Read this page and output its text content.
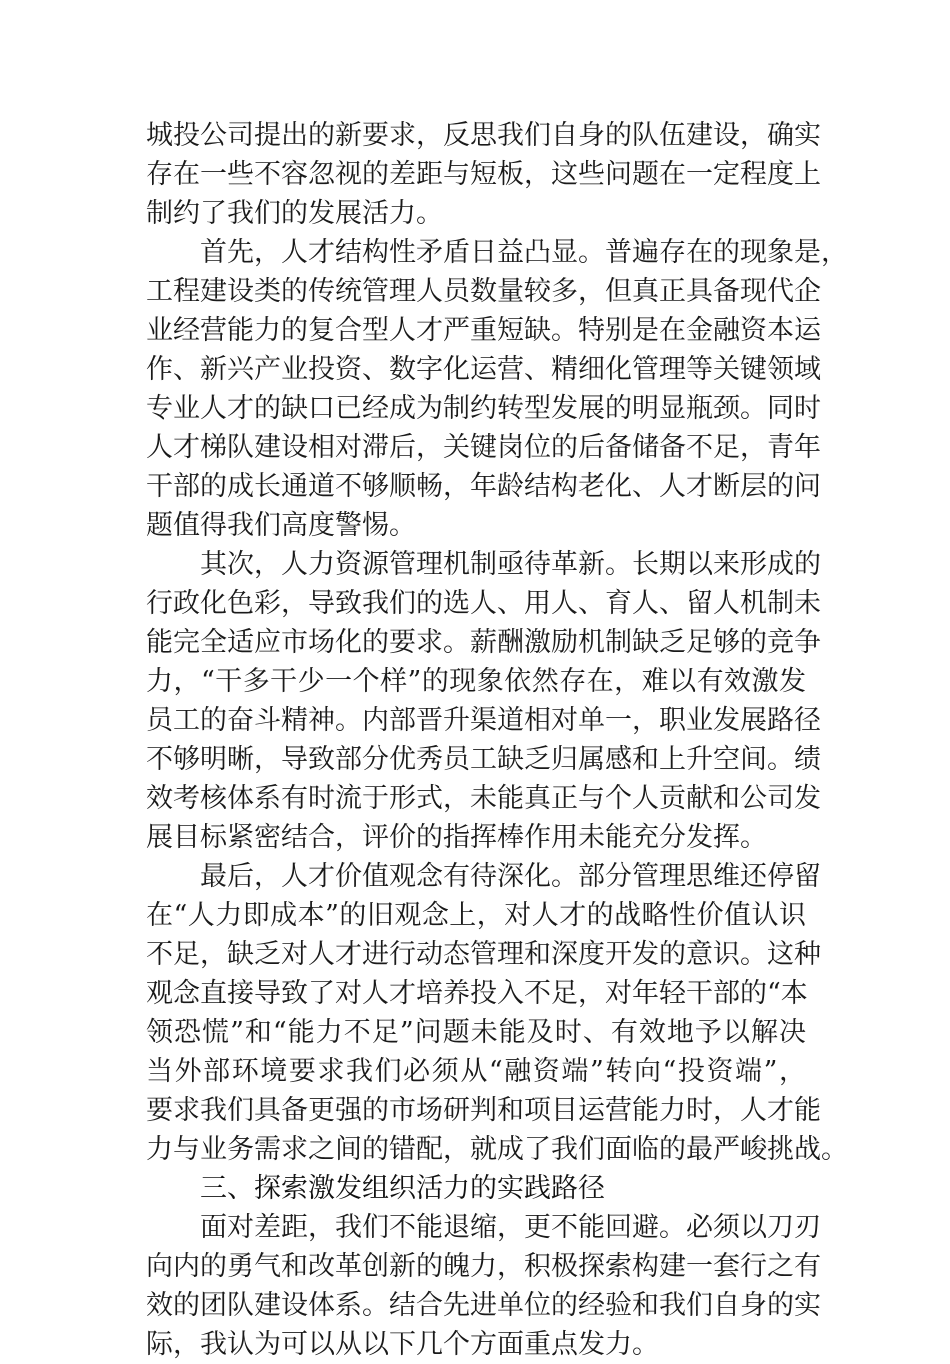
城投公司提出的新要求，反思我们自身的队伍建设，确实
存在一些不容忽视的差距与短板，这些问题在一定程度上
制约了我们的发展活力。
首先，人才结构性矛盾日益凸显。普遍存在的现象是，
工程建设类的传统管理人员数量较多，但真正具备现代企
业经营能力的复合型人才严重短缺。特别是在金融资本运
作、新兴产业投资、数字化运营、精细化管理等关键领域
专业人才的缺口已经成为制约转型发展的明显瓶颈。同时
人才梯队建设相对滞后，关键岗位的后备储备不足，青年
干部的成长通道不够顺畅，年龄结构老化、人才断层的问
题值得我们高度警惕。
其次，人力资源管理机制亟待革新。长期以来形成的
行政化色彩，导致我们的选人、用人、育人、留人机制未
能完全适应市场化的要求。薪酬激励机制缺乏足够的竞争
力，“干多干少一个样”的现象依然存在，难以有效激发
员工的奋斗精神。内部晋升渠道相对单一，职业发展路径
不够明晰，导致部分优秀员工缺乏归属感和上升空间。绩
效考核体系有时流于形式，未能真正与个人贡献和公司发
展目标紧密结合，评价的指挥棒作用未能充分发挥。
最后，人才价值观念有待深化。部分管理思维还停留
在“人力即成本”的旧观念上，对人才的战略性价值认识
不足，缺乏对人才进行动态管理和深度开发的意识。这种
观念直接导致了对人才培养投入不足，对年轻干部的“本
领恐慌”和“能力不足”问题未能及时、有效地予以解决
当外部环境要求我们必须从“融资端”转向“投资端”，
要求我们具备更强的市场研判和项目运营能力时，人才能
力与业务需求之间的错配，就成了我们面临的最严峻挑战。
三、探索激发组织活力的实践路径
面对差距，我们不能退缩，更不能回避。必须以刀刃
向内的勇气和改革创新的魄力，积极探索构建一套行之有
效的团队建设体系。结合先进单位的经验和我们自身的实
际，我认为可以从以下几个方面重点发力。
